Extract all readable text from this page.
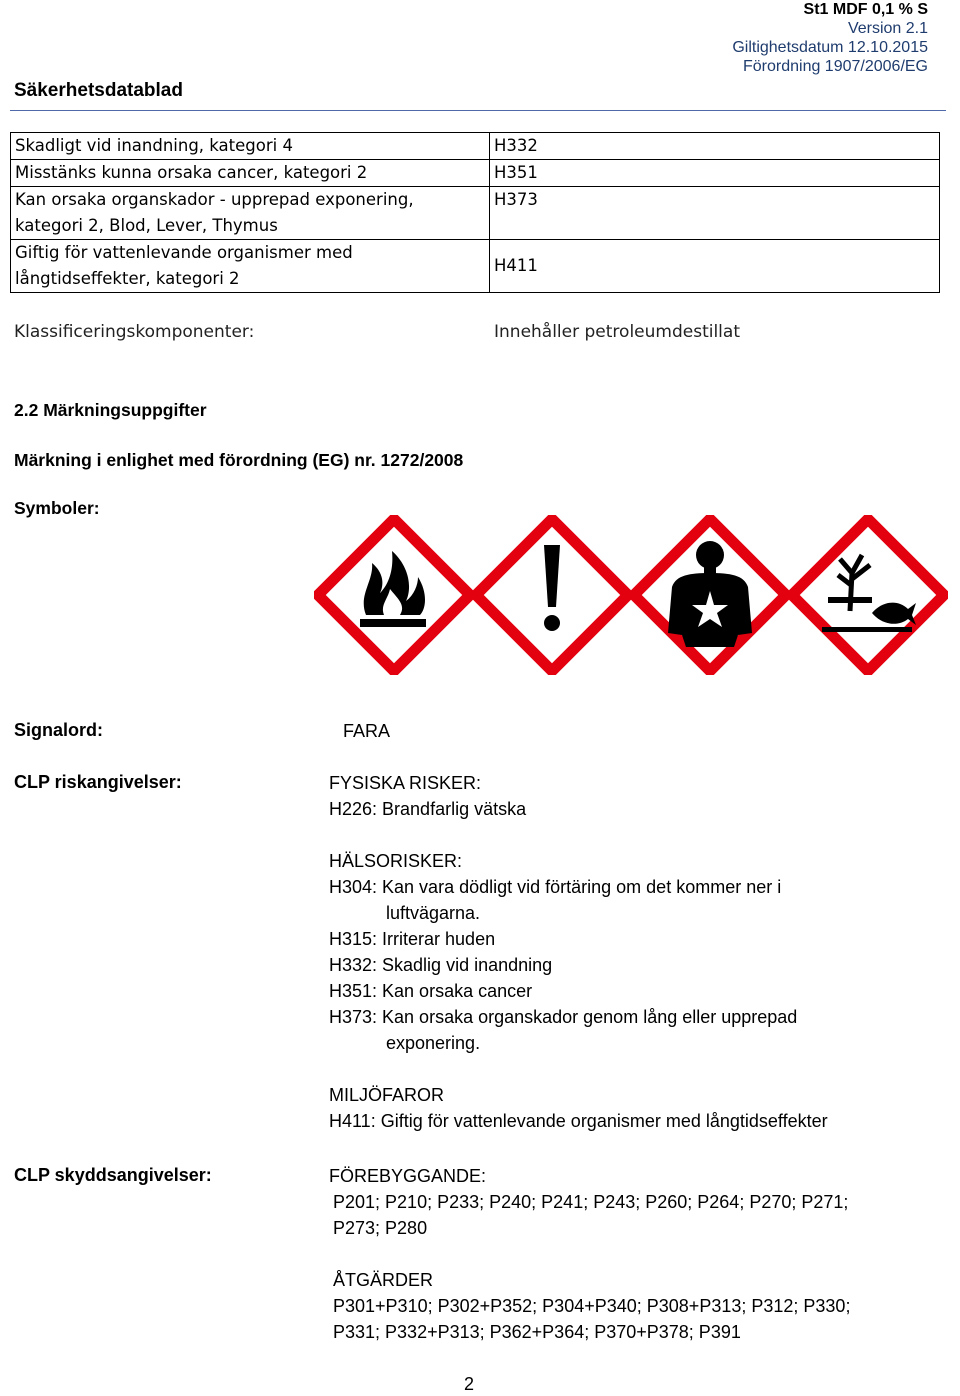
Säkerhetsdatablad
St1 MDF 0,1 % S
Version 2.1
Giltighetsdatum 12.10.2015
Förordning 1907/2006/EG
Skadligt vid inandning, kategori 4	H332
Misstänks kunna orsaka cancer, kategori 2	H351
Kan orsaka organskador - upprepad exponering, kategori 2, Blod, Lever, Thymus	H373
Giftig för vattenlevande organismer med långtidseffekter, kategori 2	H411
Klassificeringskomponenter:	Innehåller petroleumdestillat
2.2 Märkningsuppgifter
Märkning i enlighet med förordning (EG) nr. 1272/2008
Symboler:
Signalord:	FARA
CLP riskangivelser:	FYSISKA RISKER:
H226: Brandfarlig vätska
HÄLSORISKER:
H304: Kan vara dödligt vid förtäring om det kommer ner i
luftvägarna.
H315: Irriterar huden
H332: Skadlig vid inandning
H351: Kan orsaka cancer
H373: Kan orsaka organskador genom lång eller upprepad
exponering.
MILJÖFAROR
H411: Giftig för vattenlevande organismer med långtidseffekter
CLP skyddsangivelser:	FÖREBYGGANDE:
P201; P210; P233; P240; P241; P243; P260; P264; P270; P271;
P273; P280
ÅTGÄRDER
P301+P310; P302+P352; P304+P340; P308+P313; P312; P330;
P331; P332+P313; P362+P364; P370+P378; P391
2
